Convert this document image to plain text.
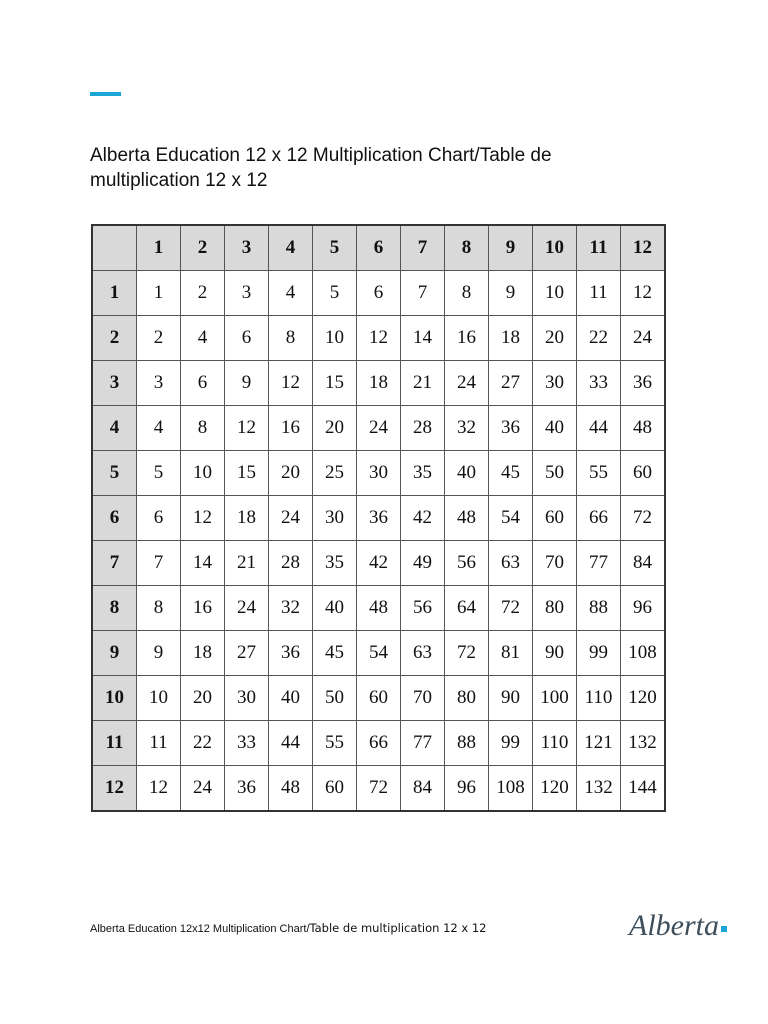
Alberta Education 12 x 12 Multiplication Chart/Table de multiplication 12 x 12
	1	2	3	4	5	6	7	8	9	10	11	12
1	1	2	3	4	5	6	7	8	9	10	11	12
2	2	4	6	8	10	12	14	16	18	20	22	24
3	3	6	9	12	15	18	21	24	27	30	33	36
4	4	8	12	16	20	24	28	32	36	40	44	48
5	5	10	15	20	25	30	35	40	45	50	55	60
6	6	12	18	24	30	36	42	48	54	60	66	72
7	7	14	21	28	35	42	49	56	63	70	77	84
8	8	16	24	32	40	48	56	64	72	80	88	96
9	9	18	27	36	45	54	63	72	81	90	99	108
10	10	20	30	40	50	60	70	80	90	100	110	120
11	11	22	33	44	55	66	77	88	99	110	121	132
12	12	24	36	48	60	72	84	96	108	120	132	144
Alberta Education 12x12 Multiplication Chart/Table de multiplication 12 x 12	Alberta
